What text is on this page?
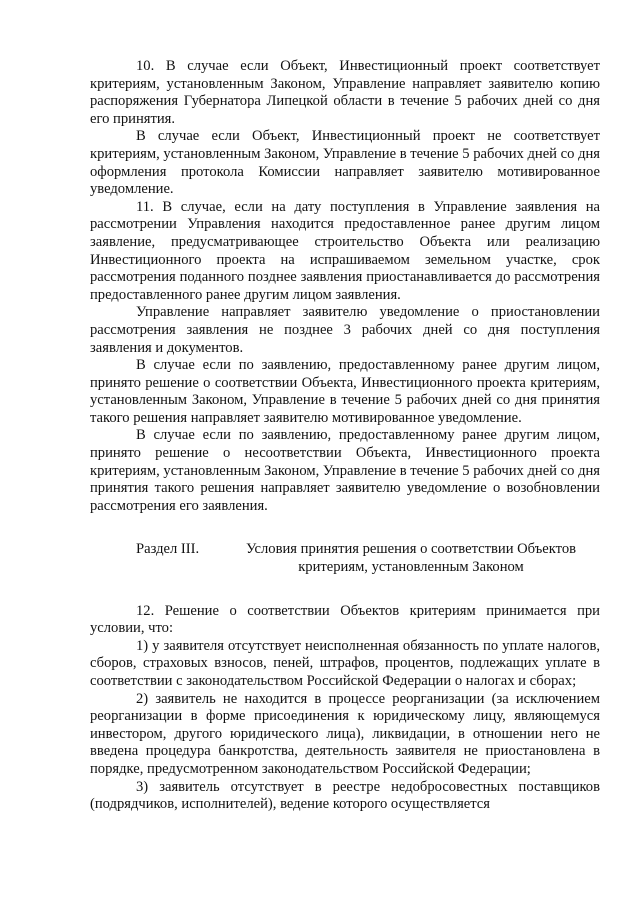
10. В случае если Объект, Инвестиционный проект соответствует критериям, установленным Законом, Управление направляет заявителю копию распоряжения Губернатора Липецкой области в течение 5 рабочих дней со дня его принятия.

В случае если Объект, Инвестиционный проект не соответствует критериям, установленным Законом, Управление в течение 5 рабочих дней со дня оформления протокола Комиссии направляет заявителю мотивированное уведомление.

11. В случае, если на дату поступления в Управление заявления на рассмотрении Управления находится предоставленное ранее другим лицом заявление, предусматривающее строительство Объекта или реализацию Инвестиционного проекта на испрашиваемом земельном участке, срок рассмотрения поданного позднее заявления приостанавливается до рассмотрения предоставленного ранее другим лицом заявления.

Управление направляет заявителю уведомление о приостановлении рассмотрения заявления не позднее 3 рабочих дней со дня поступления заявления и документов.

В случае если по заявлению, предоставленному ранее другим лицом, принято решение о соответствии Объекта, Инвестиционного проекта критериям, установленным Законом, Управление в течение 5 рабочих дней со дня принятия такого решения направляет заявителю мотивированное уведомление.

В случае если по заявлению, предоставленному ранее другим лицом, принято решение о несоответствии Объекта, Инвестиционного проекта критериям, установленным Законом, Управление в течение 5 рабочих дней со дня принятия такого решения направляет заявителю уведомление о возобновлении рассмотрения его заявления.

Раздел III.	Условия принятия решения о соответствии Объектов критериям, установленным Законом

12. Решение о соответствии Объектов критериям принимается при условии, что:

1) у заявителя отсутствует неисполненная обязанность по уплате налогов, сборов, страховых взносов, пеней, штрафов, процентов, подлежащих уплате в соответствии с законодательством Российской Федерации о налогах и сборах;

2) заявитель не находится в процессе реорганизации (за исключением реорганизации в форме присоединения к юридическому лицу, являющемуся инвестором, другого юридического лица), ликвидации, в отношении него не введена процедура банкротства, деятельность заявителя не приостановлена в порядке, предусмотренном законодательством Российской Федерации;

3) заявитель отсутствует в реестре недобросовестных поставщиков (подрядчиков, исполнителей), ведение которого осуществляется
